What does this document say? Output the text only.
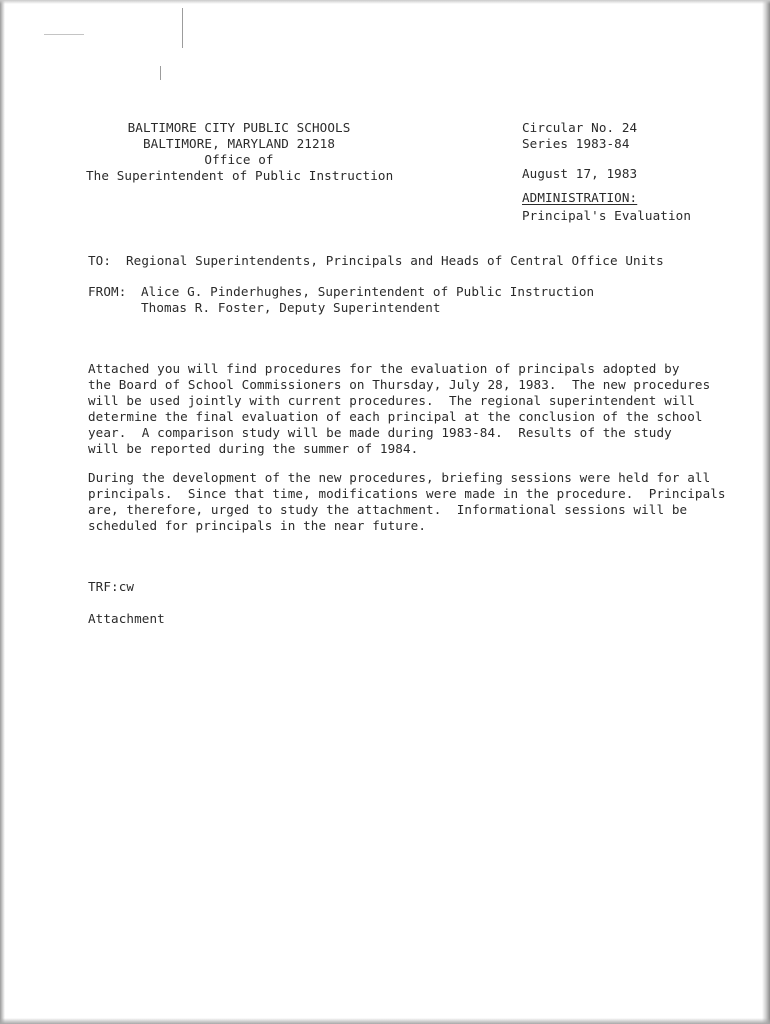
BALTIMORE CITY PUBLIC SCHOOLS
BALTIMORE, MARYLAND 21218
Office of
The Superintendent of Public Instruction
Circular No. 24
Series 1983-84
August 17, 1983
ADMINISTRATION:
Principal's Evaluation
TO: Regional Superintendents, Principals and Heads of Central Office Units
FROM: Alice G. Pinderhughes, Superintendent of Public Instruction
Thomas R. Foster, Deputy Superintendent
Attached you will find procedures for the evaluation of principals adopted by
the Board of School Commissioners on Thursday, July 28, 1983.  The new procedures
will be used jointly with current procedures.  The regional superintendent will
determine the final evaluation of each principal at the conclusion of the school
year.  A comparison study will be made during 1983-84.  Results of the study
will be reported during the summer of 1984.
During the development of the new procedures, briefing sessions were held for all
principals.  Since that time, modifications were made in the procedure.  Principals
are, therefore, urged to study the attachment.  Informational sessions will be
scheduled for principals in the near future.
TRF:cw
Attachment
